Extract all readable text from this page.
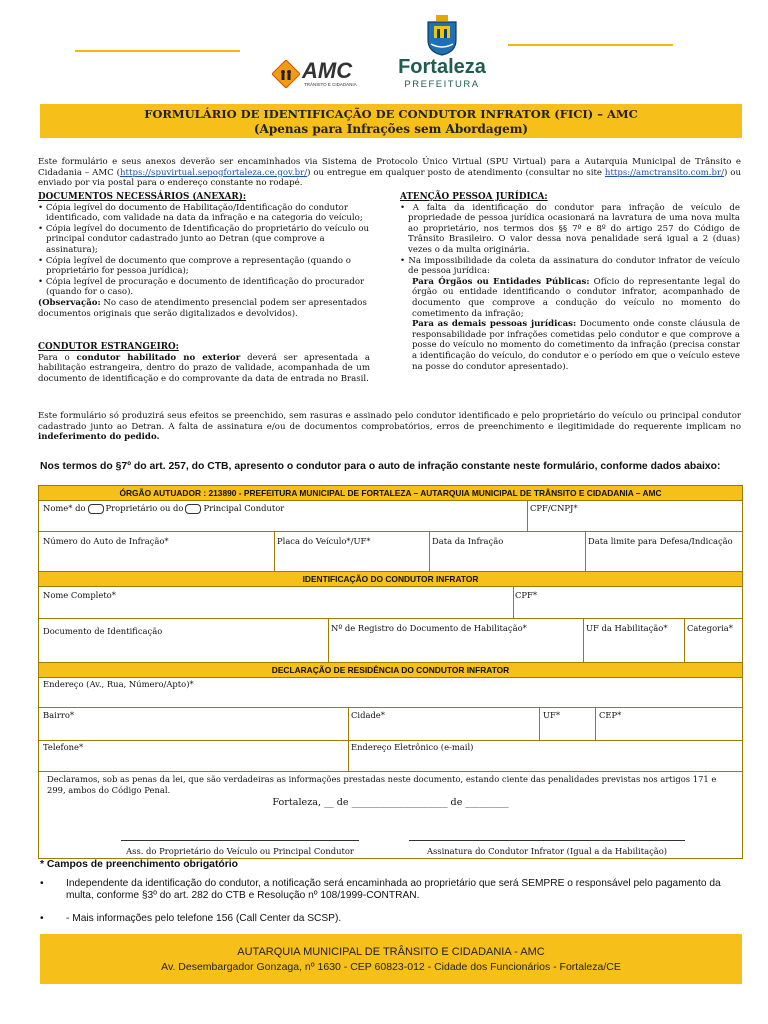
AMC
TRÂNSITO E CIDADANIA
Fortaleza
PREFEITURA
FORMULÁRIO DE IDENTIFICAÇÃO DE CONDUTOR INFRATOR (FICI) – AMC
(Apenas para Infrações sem Abordagem)
Este formulário e seus anexos deverão ser encaminhados via Sistema de Protocolo Único Virtual (SPU Virtual) para a Autarquia Municipal de Trânsito e Cidadania – AMC (https://spuvirtual.sepogfortaleza.ce.gov.br/) ou entregue em qualquer posto de atendimento (consultar no site https://amctransito.com.br/) ou enviado por via postal para o endereço constante no rodapé.
DOCUMENTOS NECESSÁRIOS (ANEXAR):
• Cópia legível do documento de Habilitação/Identificação do condutor identificado, com validade na data da infração e na categoria do veículo;
• Cópia legível do documento de Identificação do proprietário do veículo ou principal condutor cadastrado junto ao Detran (que comprove a assinatura);
• Cópia legível de documento que comprove a representação (quando o proprietário for pessoa jurídica);
• Cópia legível de procuração e documento de identificação do procurador (quando for o caso).
(Observação: No caso de atendimento presencial podem ser apresentados documentos originais que serão digitalizados e devolvidos).
CONDUTOR ESTRANGEIRO:
Para o condutor habilitado no exterior deverá ser apresentada a habilitação estrangeira, dentro do prazo de validade, acompanhada de um documento de identificação e do comprovante da data de entrada no Brasil.
ATENÇÃO PESSOA JURÍDICA:
• A falta da identificação do condutor para infração de veículo de propriedade de pessoa jurídica ocasionará na lavratura de uma nova multa ao proprietário, nos termos dos §§ 7º e 8º do artigo 257 do Código de Trânsito Brasileiro. O valor dessa nova penalidade será igual a 2 (duas) vezes o da multa originária.
• Na impossibilidade da coleta da assinatura do condutor infrator de veículo de pessoa jurídica:
Para Órgãos ou Entidades Públicas: Ofício do representante legal do órgão ou entidade identificando o condutor infrator, acompanhado de documento que comprove a condução do veículo no momento do cometimento da infração;
Para as demais pessoas jurídicas: Documento onde conste cláusula de responsabilidade por infrações cometidas pelo condutor e que comprove a posse do veículo no momento do cometimento da infração (precisa constar a identificação do veículo, do condutor e o período em que o veículo esteve na posse do condutor apresentado).
Este formulário só produzirá seus efeitos se preenchido, sem rasuras e assinado pelo condutor identificado e pelo proprietário do veículo ou principal condutor cadastrado junto ao Detran. A falta de assinatura e/ou de documentos comprobatórios, erros de preenchimento e ilegitimidade do requerente implicam no indeferimento do pedido.
Nos termos do §7º do art. 257, do CTB, apresento o condutor para o auto de infração constante neste formulário, conforme dados abaixo:
ÓRGÃO AUTUADOR : 213890 - PREFEITURA MUNICIPAL DE FORTALEZA – AUTARQUIA MUNICIPAL DE TRÂNSITO E CIDADANIA – AMC
Nome* do Proprietário ou do Principal Condutor	CPF/CNPJ*
Número do Auto de Infração*	Placa do Veículo*/UF*	Data da Infração	Data limite para Defesa/Indicação
IDENTIFICAÇÃO DO CONDUTOR INFRATOR
Nome Completo*	CPF*
Documento de Identificação	Nº de Registro do Documento de Habilitação*	UF da Habilitação* Categoria*
DECLARAÇÃO DE RESIDÊNCIA DO CONDUTOR INFRATOR
Endereço (Av., Rua, Número/Apto)*
Bairro*	Cidade*	UF*	CEP*
Telefone*	Endereço Eletrônico (e-mail)
Declaramos, sob as penas da lei, que são verdadeiras as informações prestadas neste documento, estando ciente das penalidades previstas nos artigos 171 e 299, ambos do Código Penal.
Fortaleza, __ de ____________________ de _________
Ass. do Proprietário do Veículo ou Principal Condutor	Assinatura do Condutor Infrator (Igual a da Habilitação)
* Campos de preenchimento obrigatório
•	Independente da identificação do condutor, a notificação será encaminhada ao proprietário que será SEMPRE o responsável pelo pagamento da multa, conforme §3º do art. 282 do CTB e Resolução nº 108/1999-CONTRAN.
•	- Mais informações pelo telefone 156 (Call Center da SCSP).
AUTARQUIA MUNICIPAL DE TRÂNSITO E CIDADANIA - AMC
Av. Desembargador Gonzaga, nº 1630 - CEP 60823-012 - Cidade dos Funcionários - Fortaleza/CE
